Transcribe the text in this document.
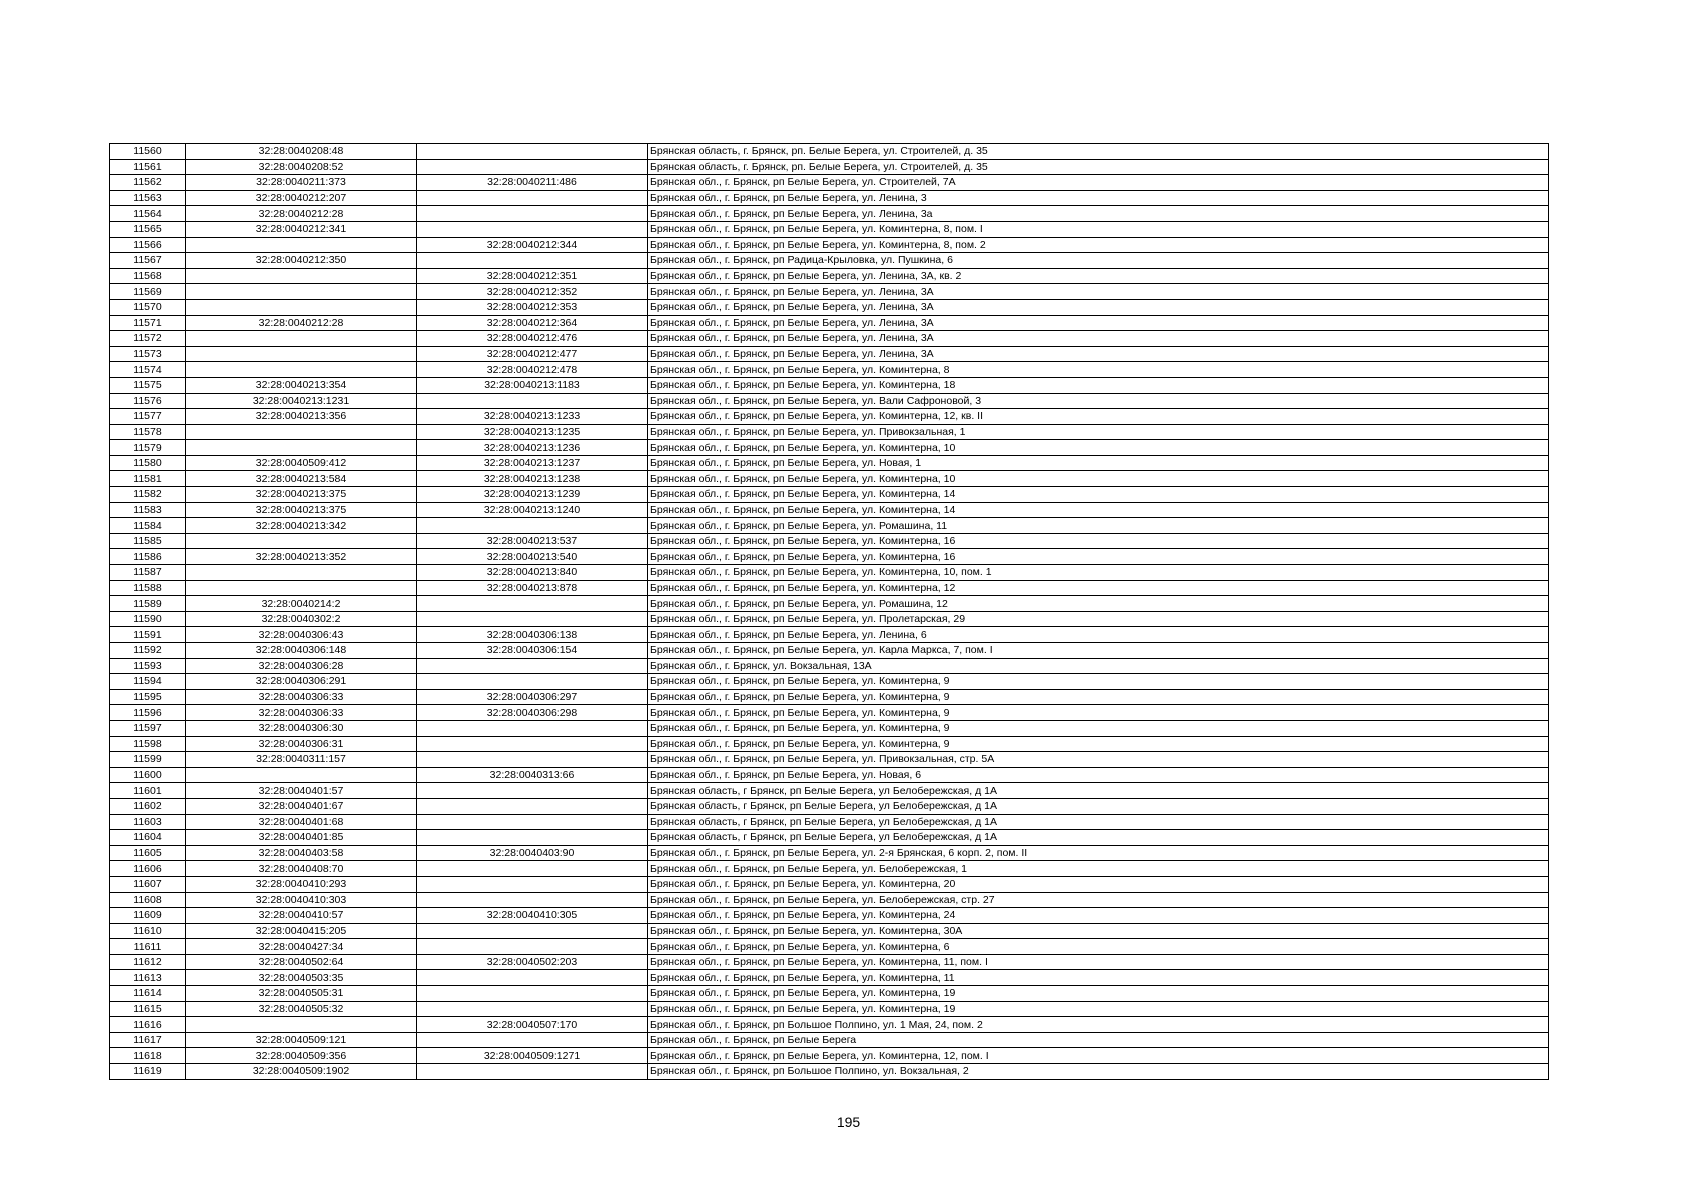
11560	32:28:0040208:48		Брянская область, г. Брянск, рп. Белые Берега, ул. Строителей, д. 35
11561	32:28:0040208:52		Брянская область, г. Брянск, рп. Белые Берега, ул. Строителей, д. 35
11562	32:28:0040211:373	32:28:0040211:486	Брянская обл., г. Брянск, рп Белые Берега, ул. Строителей, 7А
11563	32:28:0040212:207		Брянская обл., г. Брянск, рп Белые Берега, ул. Ленина, 3
11564	32:28:0040212:28		Брянская обл., г. Брянск, рп Белые Берега, ул. Ленина, 3а
11565	32:28:0040212:341		Брянская обл., г. Брянск, рп Белые Берега, ул. Коминтерна, 8, пом. I
11566		32:28:0040212:344	Брянская обл., г. Брянск, рп Белые Берега, ул. Коминтерна, 8, пом. 2
11567	32:28:0040212:350		Брянская обл., г. Брянск, рп Радица-Крыловка, ул. Пушкина, 6
11568		32:28:0040212:351	Брянская обл., г. Брянск, рп Белые Берега, ул. Ленина, 3А, кв. 2
11569		32:28:0040212:352	Брянская обл., г. Брянск, рп Белые Берега, ул. Ленина, 3А
11570		32:28:0040212:353	Брянская обл., г. Брянск, рп Белые Берега, ул. Ленина, 3А
11571	32:28:0040212:28	32:28:0040212:364	Брянская обл., г. Брянск, рп Белые Берега, ул. Ленина, 3А
11572		32:28:0040212:476	Брянская обл., г. Брянск, рп Белые Берега, ул. Ленина, 3А
11573		32:28:0040212:477	Брянская обл., г. Брянск, рп Белые Берега, ул. Ленина, 3А
11574		32:28:0040212:478	Брянская обл., г. Брянск, рп Белые Берега, ул. Коминтерна, 8
11575	32:28:0040213:354	32:28:0040213:1183	Брянская обл., г. Брянск, рп Белые Берега, ул. Коминтерна, 18
11576	32:28:0040213:1231		Брянская обл., г. Брянск, рп Белые Берега, ул. Вали Сафроновой, 3
11577	32:28:0040213:356	32:28:0040213:1233	Брянская обл., г. Брянск, рп Белые Берега, ул. Коминтерна, 12, кв. II
11578		32:28:0040213:1235	Брянская обл., г. Брянск, рп Белые Берега, ул. Привокзальная, 1
11579		32:28:0040213:1236	Брянская обл., г. Брянск, рп Белые Берега, ул. Коминтерна, 10
11580	32:28:0040509:412	32:28:0040213:1237	Брянская обл., г. Брянск, рп Белые Берега, ул. Новая, 1
11581	32:28:0040213:584	32:28:0040213:1238	Брянская обл., г. Брянск, рп Белые Берега, ул. Коминтерна, 10
11582	32:28:0040213:375	32:28:0040213:1239	Брянская обл., г. Брянск, рп Белые Берега, ул. Коминтерна, 14
11583	32:28:0040213:375	32:28:0040213:1240	Брянская обл., г. Брянск, рп Белые Берега, ул. Коминтерна, 14
11584	32:28:0040213:342		Брянская обл., г. Брянск, рп Белые Берега, ул. Ромашина, 11
11585		32:28:0040213:537	Брянская обл., г. Брянск, рп Белые Берега, ул. Коминтерна, 16
11586	32:28:0040213:352	32:28:0040213:540	Брянская обл., г. Брянск, рп Белые Берега, ул. Коминтерна, 16
11587		32:28:0040213:840	Брянская обл., г. Брянск, рп Белые Берега, ул. Коминтерна, 10, пом. 1
11588		32:28:0040213:878	Брянская обл., г. Брянск, рп Белые Берега, ул. Коминтерна, 12
11589	32:28:0040214:2		Брянская обл., г. Брянск, рп Белые Берега, ул. Ромашина, 12
11590	32:28:0040302:2		Брянская обл., г. Брянск, рп Белые Берега, ул. Пролетарская, 29
11591	32:28:0040306:43	32:28:0040306:138	Брянская обл., г. Брянск, рп Белые Берега, ул. Ленина, 6
11592	32:28:0040306:148	32:28:0040306:154	Брянская обл., г. Брянск, рп Белые Берега, ул. Карла Маркса, 7, пом. I
11593	32:28:0040306:28		Брянская обл., г. Брянск, ул. Вокзальная, 13А
11594	32:28:0040306:291		Брянская обл., г. Брянск, рп Белые Берега, ул. Коминтерна, 9
11595	32:28:0040306:33	32:28:0040306:297	Брянская обл., г. Брянск, рп Белые Берега, ул. Коминтерна, 9
11596	32:28:0040306:33	32:28:0040306:298	Брянская обл., г. Брянск, рп Белые Берега, ул. Коминтерна, 9
11597	32:28:0040306:30		Брянская обл., г. Брянск, рп Белые Берега, ул. Коминтерна, 9
11598	32:28:0040306:31		Брянская обл., г. Брянск, рп Белые Берега, ул. Коминтерна, 9
11599	32:28:0040311:157		Брянская обл., г. Брянск, рп Белые Берега, ул. Привокзальная, стр. 5А
11600		32:28:0040313:66	Брянская обл., г. Брянск, рп Белые Берега, ул. Новая, 6
11601	32:28:0040401:57		Брянская область, г Брянск, рп Белые Берега, ул Белобережская, д 1А
11602	32:28:0040401:67		Брянская область, г Брянск, рп Белые Берега, ул Белобережская, д 1А
11603	32:28:0040401:68		Брянская область, г Брянск, рп Белые Берега, ул Белобережская, д 1А
11604	32:28:0040401:85		Брянская область, г Брянск, рп Белые Берега, ул Белобережская, д 1А
11605	32:28:0040403:58	32:28:0040403:90	Брянская обл., г. Брянск, рп Белые Берега, ул. 2-я Брянская, 6 корп. 2, пом. II
11606	32:28:0040408:70		Брянская обл., г. Брянск, рп Белые Берега, ул. Белобережская, 1
11607	32:28:0040410:293		Брянская обл., г. Брянск, рп Белые Берега, ул. Коминтерна, 20
11608	32:28:0040410:303		Брянская обл., г. Брянск, рп Белые Берега, ул. Белобережская, стр. 27
11609	32:28:0040410:57	32:28:0040410:305	Брянская обл., г. Брянск, рп Белые Берега, ул. Коминтерна, 24
11610	32:28:0040415:205		Брянская обл., г. Брянск, рп Белые Берега, ул. Коминтерна, 30А
11611	32:28:0040427:34		Брянская обл., г. Брянск, рп Белые Берега, ул. Коминтерна, 6
11612	32:28:0040502:64	32:28:0040502:203	Брянская обл., г. Брянск, рп Белые Берега, ул. Коминтерна, 11, пом. I
11613	32:28:0040503:35		Брянская обл., г. Брянск, рп Белые Берега, ул. Коминтерна, 11
11614	32:28:0040505:31		Брянская обл., г. Брянск, рп Белые Берега, ул. Коминтерна, 19
11615	32:28:0040505:32		Брянская обл., г. Брянск, рп Белые Берега, ул. Коминтерна, 19
11616		32:28:0040507:170	Брянская обл., г. Брянск, рп Большое Полпино, ул. 1 Мая, 24, пом. 2
11617	32:28:0040509:121		Брянская обл., г. Брянск, рп Белые Берега
11618	32:28:0040509:356	32:28:0040509:1271	Брянская обл., г. Брянск, рп Белые Берега, ул. Коминтерна, 12, пом. I
11619	32:28:0040509:1902		Брянская обл., г. Брянск, рп Большое Полпино, ул. Вокзальная, 2
195
